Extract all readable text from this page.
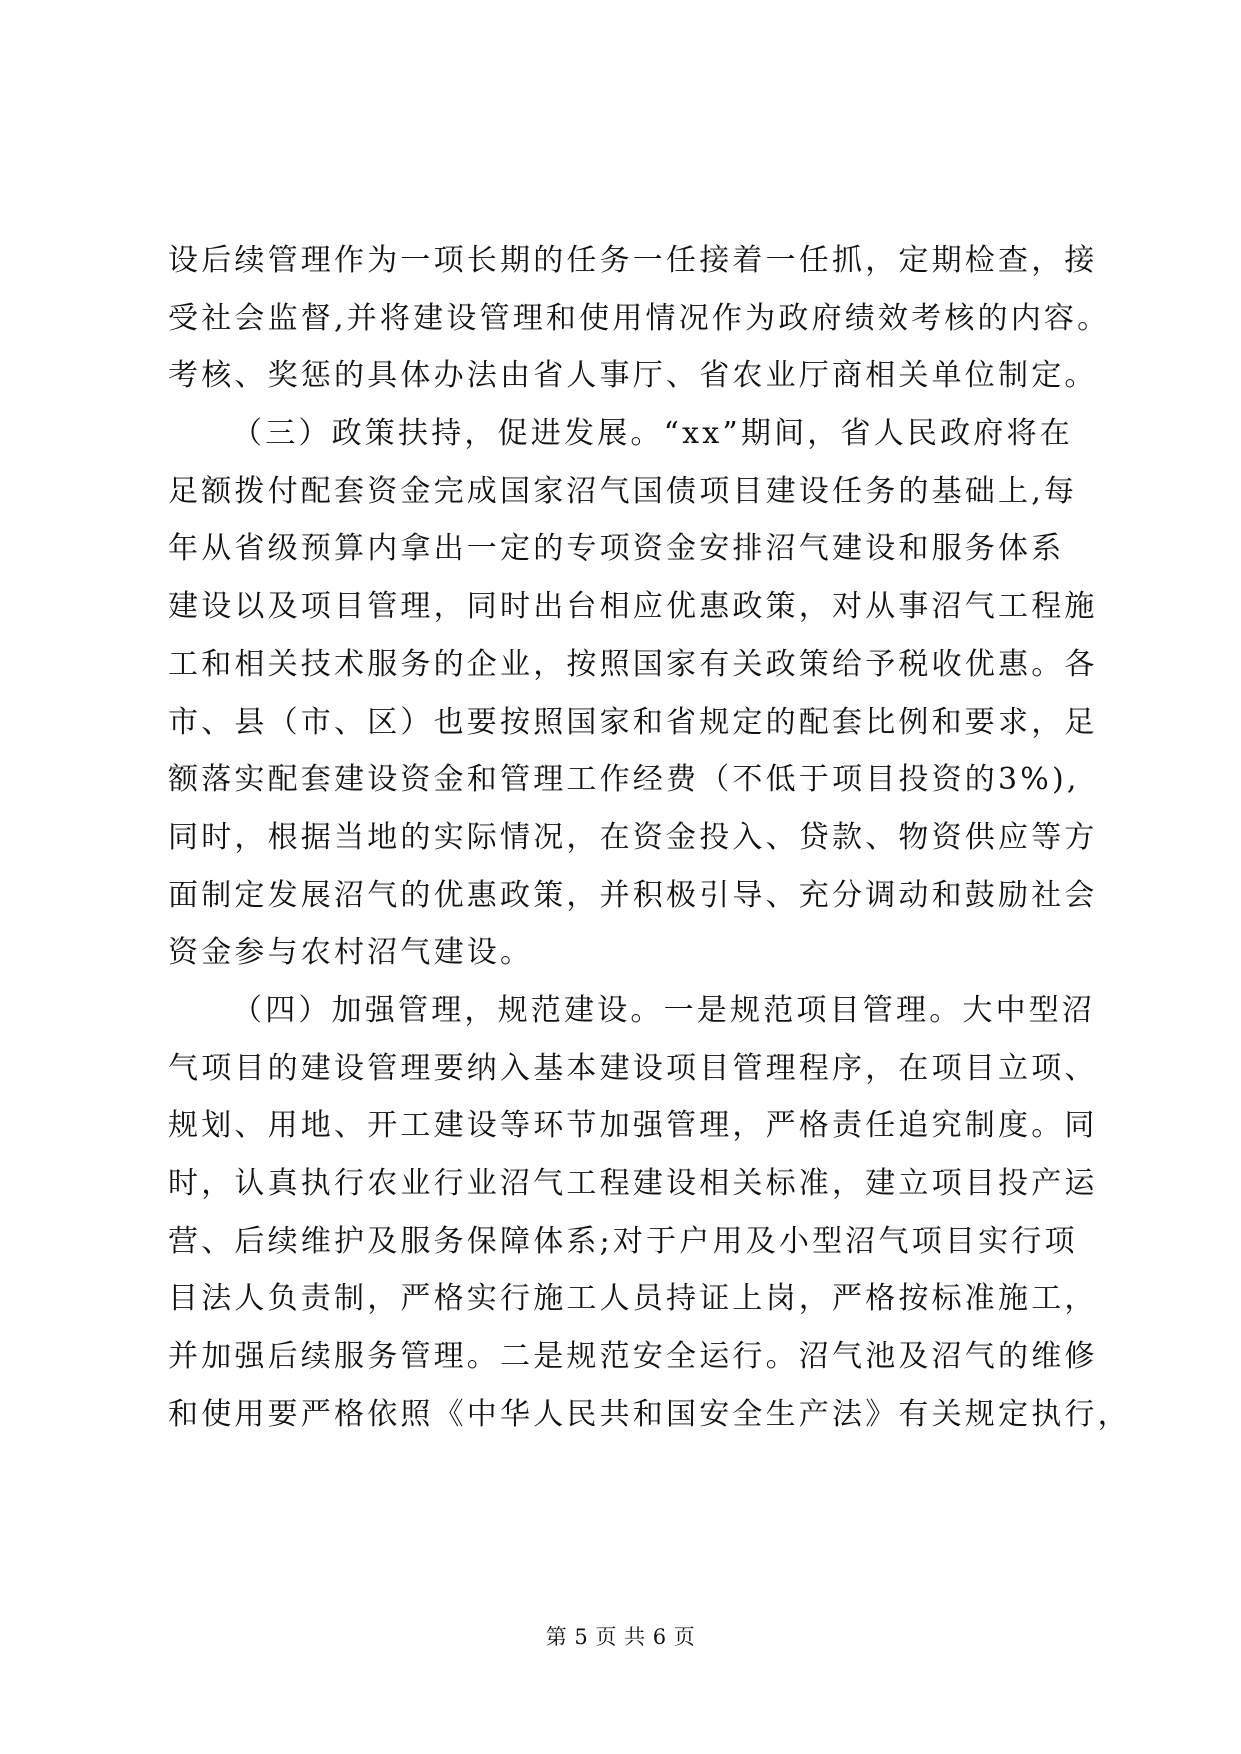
设后续管理作为一项长期的任务一任接着一任抓，定期检查，接
受社会监督,并将建设管理和使用情况作为政府绩效考核的内容。
考核、奖惩的具体办法由省人事厅、省农业厅商相关单位制定。
（三）政策扶持，促进发展。“xx”期间，省人民政府将在
足额拨付配套资金完成国家沼气国债项目建设任务的基础上,每
年从省级预算内拿出一定的专项资金安排沼气建设和服务体系
建设以及项目管理，同时出台相应优惠政策，对从事沼气工程施
工和相关技术服务的企业，按照国家有关政策给予税收优惠。各
市、县（市、区）也要按照国家和省规定的配套比例和要求，足
额落实配套建设资金和管理工作经费（不低于项目投资的3%),
同时，根据当地的实际情况，在资金投入、贷款、物资供应等方
面制定发展沼气的优惠政策，并积极引导、充分调动和鼓励社会
资金参与农村沼气建设。
（四）加强管理，规范建设。一是规范项目管理。大中型沼
气项目的建设管理要纳入基本建设项目管理程序，在项目立项、
规划、用地、开工建设等环节加强管理，严格责任追究制度。同
时，认真执行农业行业沼气工程建设相关标准，建立项目投产运
营、后续维护及服务保障体系;对于户用及小型沼气项目实行项
目法人负责制，严格实行施工人员持证上岗，严格按标准施工，
并加强后续服务管理。二是规范安全运行。沼气池及沼气的维修
和使用要严格依照《中华人民共和国安全生产法》有关规定执行，
第 5 页 共 6 页
